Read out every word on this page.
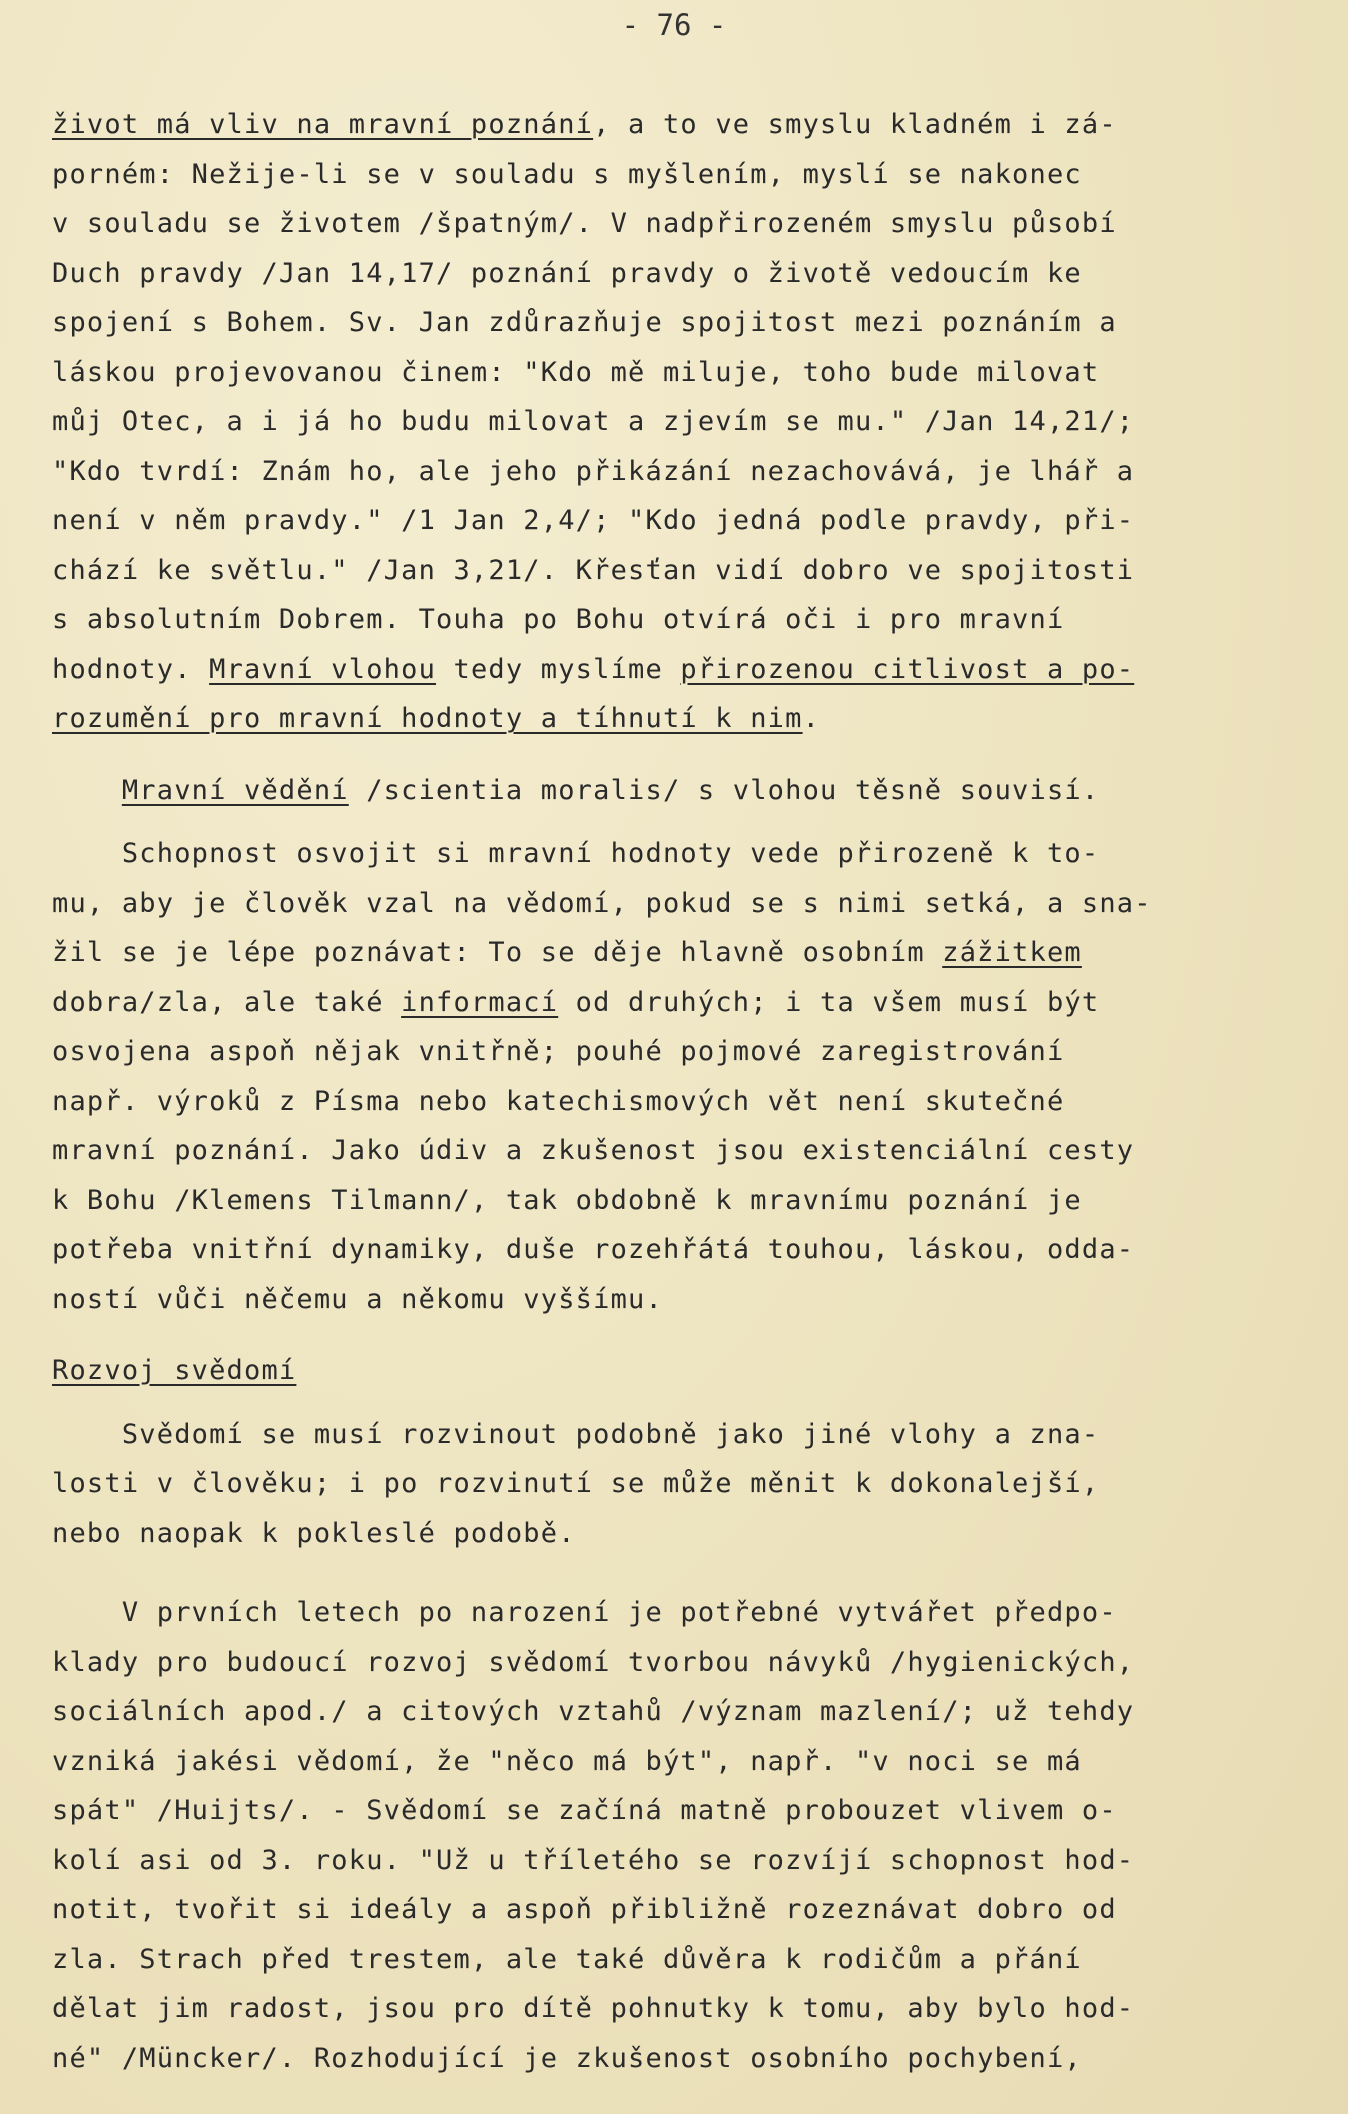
- 76 -
život má vliv na mravní poznání, a to ve smyslu kladném i zá-
porném: Nežije-li se v souladu s myšlením, myslí se nakonec
v souladu se životem /špatným/. V nadpřirozeném smyslu působí
Duch pravdy /Jan 14,17/ poznání pravdy o životě vedoucím ke
spojení s Bohem. Sv. Jan zdůrazňuje spojitost mezi poznáním a
láskou projevovanou činem: "Kdo mě miluje, toho bude milovat
můj Otec, a i já ho budu milovat a zjevím se mu." /Jan 14,21/;
"Kdo tvrdí: Znám ho, ale jeho přikázání nezachovává, je lhář a
není v něm pravdy." /1 Jan 2,4/; "Kdo jedná podle pravdy, při-
chází ke světlu." /Jan 3,21/. Křesťan vidí dobro ve spojitosti
s absolutním Dobrem. Touha po Bohu otvírá oči i pro mravní
hodnoty. Mravní vlohou tedy myslíme přirozenou citlivost a po-
rozumění pro mravní hodnoty a tíhnutí k nim.
Mravní vědění /scientia moralis/ s vlohou těsně souvisí.
Schopnost osvojit si mravní hodnoty vede přirozeně k to-
mu, aby je člověk vzal na vědomí, pokud se s nimi setká, a sna-
žil se je lépe poznávat: To se děje hlavně osobním zážitkem
dobra/zla, ale také informací od druhých; i ta všem musí být
osvojena aspoň nějak vnitřně; pouhé pojmové zaregistrování
např. výroků z Písma nebo katechismových vět není skutečné
mravní poznání. Jako údiv a zkušenost jsou existenciální cesty
k Bohu /Klemens Tilmann/, tak obdobně k mravnímu poznání je
potřeba vnitřní dynamiky, duše rozehřátá touhou, láskou, odda-
ností vůči něčemu a někomu vyššímu.
Rozvoj svědomí
Svědomí se musí rozvinout podobně jako jiné vlohy a zna-
losti v člověku; i po rozvinutí se může měnit k dokonalejší,
nebo naopak k pokleslé podobě.
V prvních letech po narození je potřebné vytvářet předpo-
klady pro budoucí rozvoj svědomí tvorbou návyků /hygienických,
sociálních apod./ a citových vztahů /význam mazlení/; už tehdy
vzniká jakési vědomí, že "něco má být", např. "v noci se má
spát" /Huijts/. - Svědomí se začíná matně probouzet vlivem o-
kolí asi od 3. roku. "Už u tříletého se rozvíjí schopnost hod-
notit, tvořit si ideály a aspoň přibližně rozeznávat dobro od
zla. Strach před trestem, ale také důvěra k rodičům a přání
dělat jim radost, jsou pro dítě pohnutky k tomu, aby bylo hod-
né" /Müncker/. Rozhodující je zkušenost osobního pochybení,
